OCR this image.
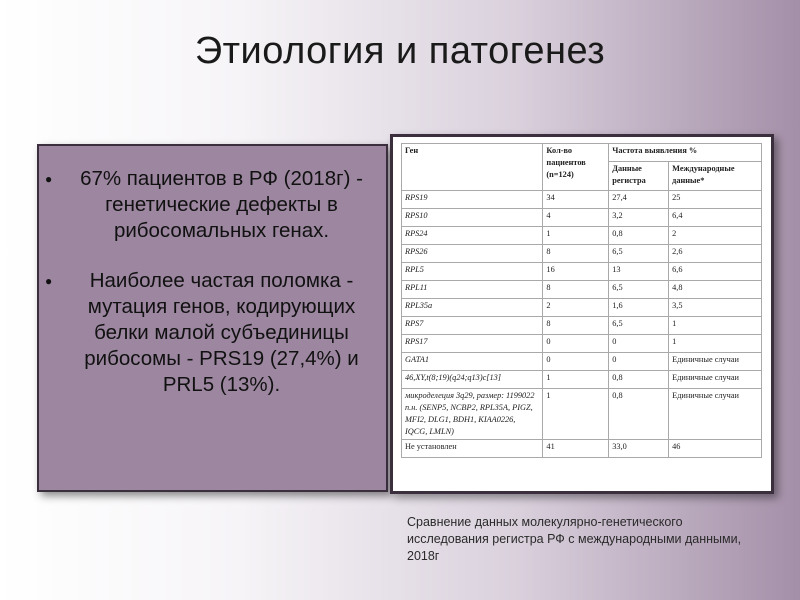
Этиология и патогенез
● 67% пациентов в РФ (2018г) - генетические дефекты в рибосомальных генах.
● Наиболее частая поломка - мутация генов, кодирующих белки малой субъединицы рибосомы - PRS19 (27,4%) и PRL5 (13%).
Ген	Кол-во пациентов (n=124)	Частота выявления %	
		Данные регистра	Международные данные*
RPS19	34	27,4	25
RPS10	4	3,2	6,4
RPS24	1	0,8	2
RPS26	8	6,5	2,6
RPL5	16	13	6,6
RPL11	8	6,5	4,8
RPL35a	2	1,6	3,5
RPS7	8	6,5	1
RPS17	0	0	1
GATA1	0	0	Единичные случаи
46,XY,t(8;19)(q24;q13)c[13]	1	0,8	Единичные случаи
микроделеция 3q29, размер: 1199022 п.н. (SENP5, NCBP2, RPL35A, PIGZ, MFI2, DLG1, BDH1, KIAA0226, IQCG, LMLN)	1	0,8	Единичные случаи
Не установлен	41	33,0	46
Сравнение данных молекулярно-генетического исследования регистра РФ с международными данными, 2018г
